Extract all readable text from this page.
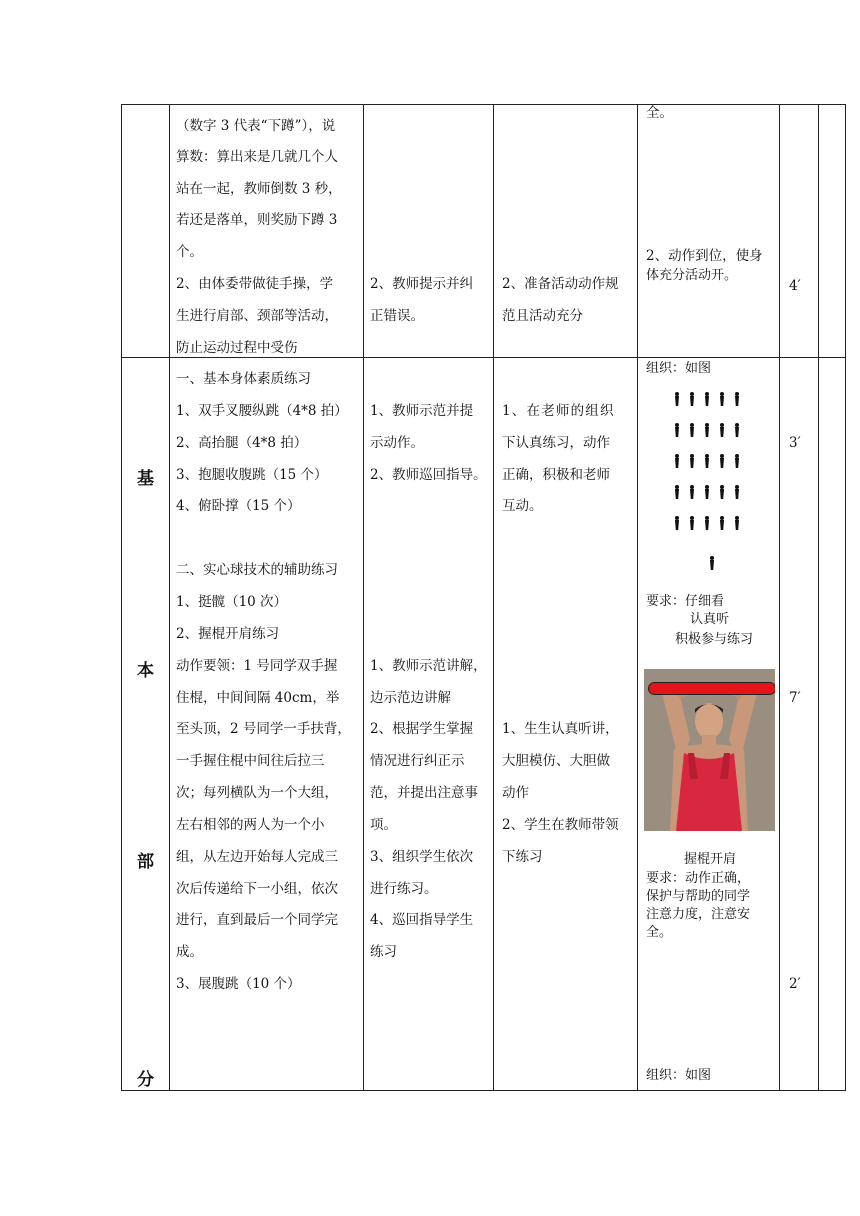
（数字 3 代表“下蹲”），说
算数：算出来是几就几个人
站在一起，教师倒数 3 秒，
若还是落单，则奖励下蹲 3
个。
2、由体委带做徒手操，学
生进行肩部、颈部等活动，
防止运动过程中受伤
2、教师提示并纠
正错误。
2、准备活动动作规
范且活动充分
全。
2、动作到位，使身
体充分活动开。
4′
基
本
部
分
一、基本身体素质练习
1、双手叉腰纵跳（4*8 拍）
2、高抬腿（4*8 拍）
3、抱腿收腹跳（15 个）
4、俯卧撑（15 个）
二、实心球技术的辅助练习
1、挺髋（10 次）
2、握棍开肩练习
动作要领：1 号同学双手握
住棍，中间间隔 40cm，举
至头顶，2 号同学一手扶背，
一手握住棍中间往后拉三
次；每列横队为一个大组，
左右相邻的两人为一个小
组，从左边开始每人完成三
次后传递给下一小组，依次
进行，直到最后一个同学完
成。
3、展腹跳（10 个）
1、教师示范并提
示动作。
2、教师巡回指导。
1、教师示范讲解，
边示范边讲解
2、根据学生掌握
情况进行纠正示
范，并提出注意事
项。
3、组织学生依次
进行练习。
4、巡回指导学生
练习
1、在老师的组织
下认真练习，动作
正确，积极和老师
互动。
1、生生认真听讲，
大胆模仿、大胆做
动作
2、学生在教师带领
下练习
组织：如图
要求：仔细看
认真听
积极参与练习
握棍开肩
要求：动作正确，
保护与帮助的同学
注意力度，注意安
全。
组织：如图
3′
7′
2′
